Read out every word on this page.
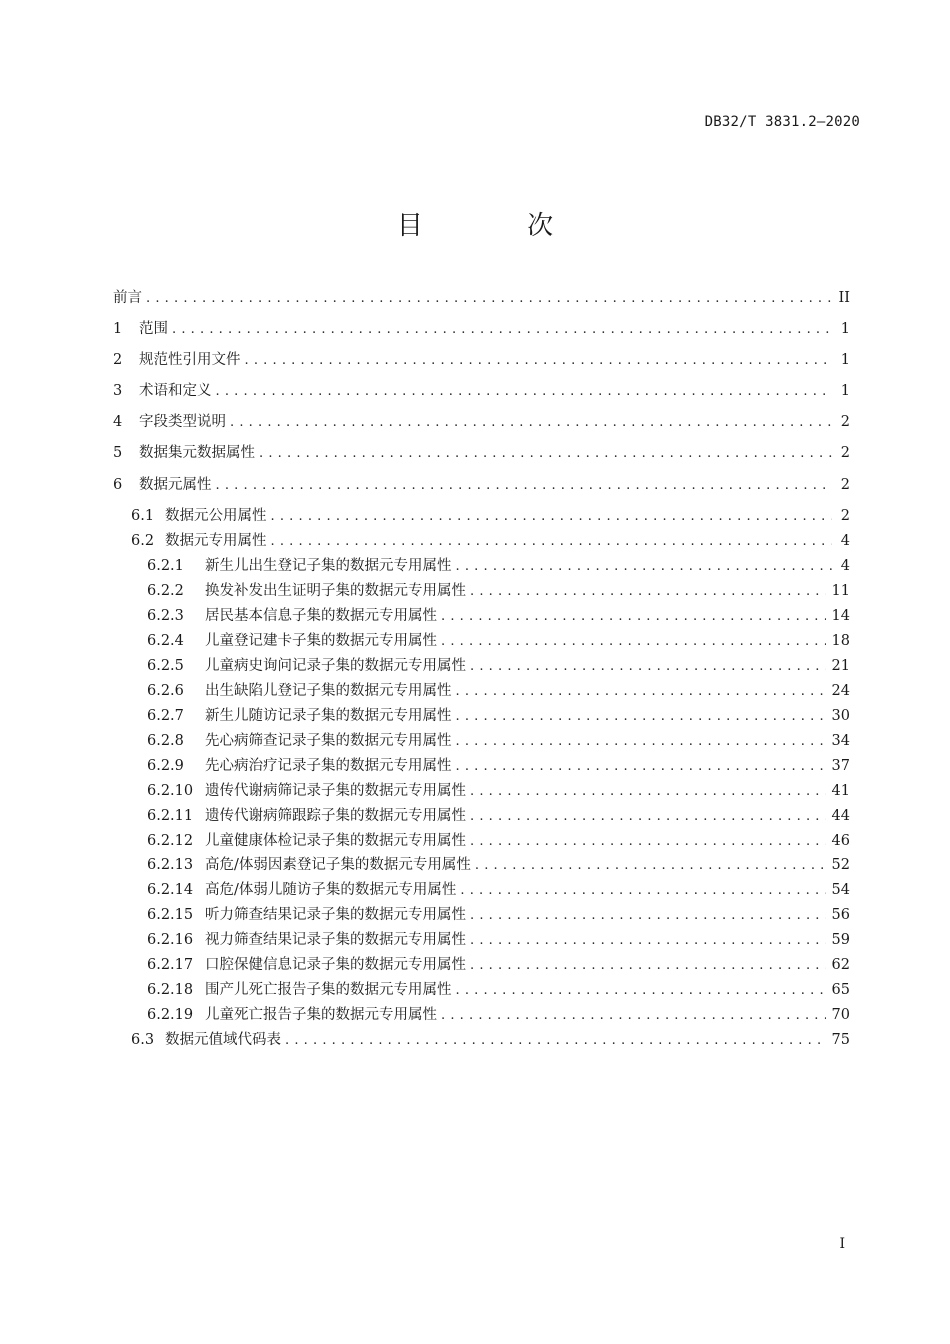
DB32/T 3831.2—2020
目 次
前言 .....	II
1	范围 .....	1
2	规范性引用文件 .....	1
3	术语和定义 .....	1
4	字段类型说明 .....	2
5	数据集元数据属性 .....	2
6	数据元属性 .....	2
6.1 数据元公用属性 .....	2
6.2 数据元专用属性 .....	4
6.2.1	新生儿出生登记子集的数据元专用属性 .....	4
6.2.2	换发补发出生证明子集的数据元专用属性 .....	11
6.2.3	居民基本信息子集的数据元专用属性 .....	14
6.2.4	儿童登记建卡子集的数据元专用属性 .....	18
6.2.5	儿童病史询问记录子集的数据元专用属性 .....	21
6.2.6	出生缺陷儿登记子集的数据元专用属性 .....	24
6.2.7	新生儿随访记录子集的数据元专用属性 .....	30
6.2.8	先心病筛查记录子集的数据元专用属性 .....	34
6.2.9	先心病治疗记录子集的数据元专用属性 .....	37
6.2.10 遗传代谢病筛记录子集的数据元专用属性 .....	41
6.2.11 遗传代谢病筛跟踪子集的数据元专用属性 .....	44
6.2.12 儿童健康体检记录子集的数据元专用属性 .....	46
6.2.13 高危/体弱因素登记子集的数据元专用属性 .....	52
6.2.14 高危/体弱儿随访子集的数据元专用属性 .....	54
6.2.15 听力筛查结果记录子集的数据元专用属性 .....	56
6.2.16 视力筛查结果记录子集的数据元专用属性 .....	59
6.2.17 口腔保健信息记录子集的数据元专用属性 .....	62
6.2.18 围产儿死亡报告子集的数据元专用属性 .....	65
6.2.19 儿童死亡报告子集的数据元专用属性 .....	70
6.3 数据元值域代码表 .....	75
I
